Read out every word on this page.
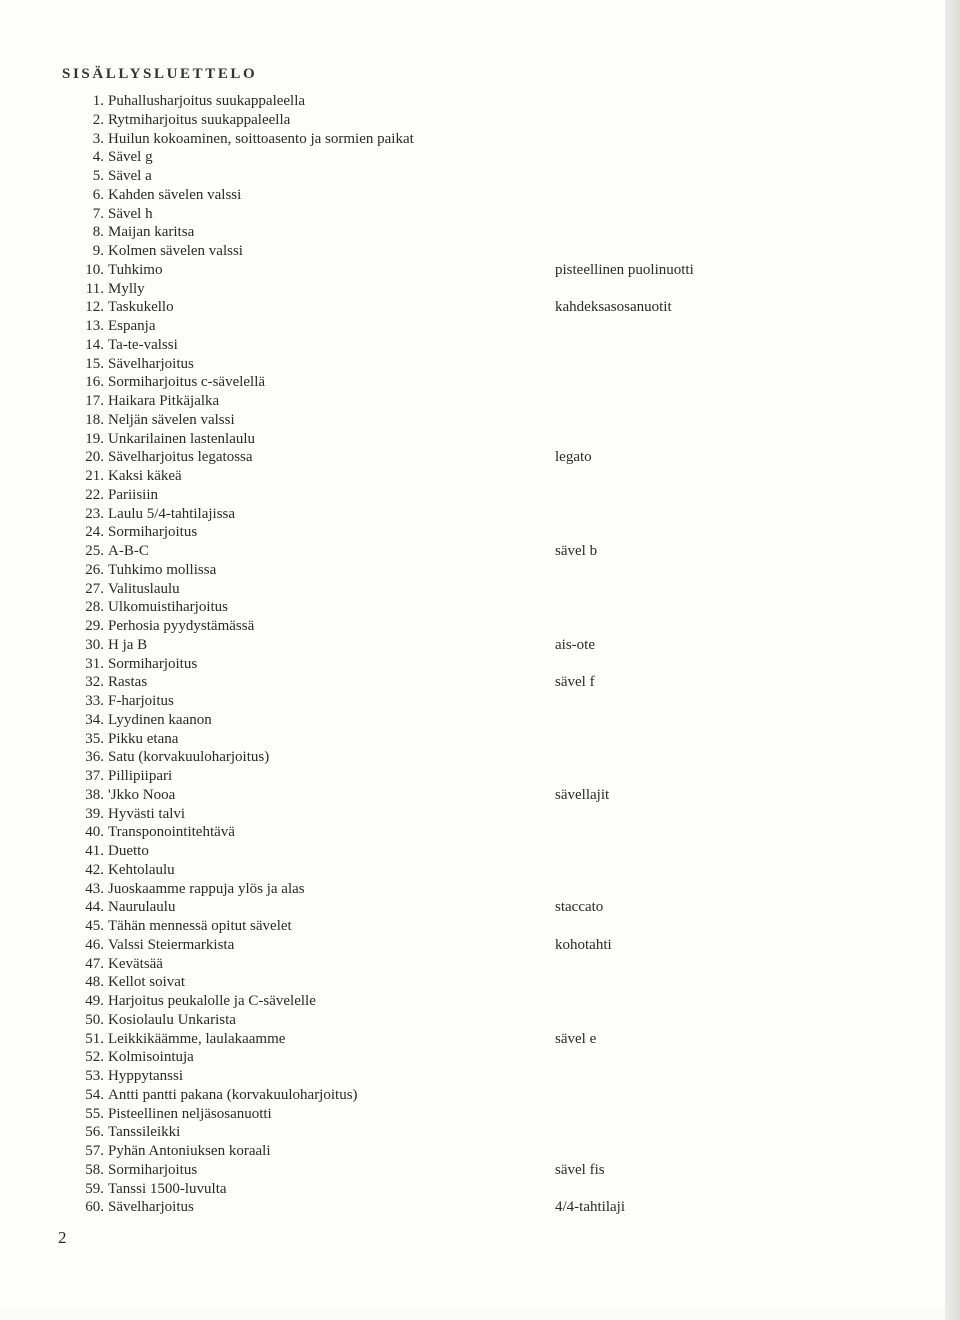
SISÄLLYSLUETTELO
1. Puhallusharjoitus suukappaleella
2. Rytmiharjoitus suukappaleella
3. Huilun kokoaminen, soittoasento ja sormien paikat
4. Sävel g
5. Sävel a
6. Kahden sävelen valssi
7. Sävel h
8. Maijan karitsa
9. Kolmen sävelen valssi
10. Tuhkimo
11. Mylly
12. Taskukello
13. Espanja
14. Ta-te-valssi
15. Sävelharjoitus
16. Sormiharjoitus c-sävelellä
17. Haikara Pitkäjalka
18. Neljän sävelen valssi
19. Unkarilainen lastenlaulu
20. Sävelharjoitus legatossa
21. Kaksi käkeä
22. Pariisiin
23. Laulu 5/4-tahtilajissa
24. Sormiharjoitus
25. A-B-C
26. Tuhkimo mollissa
27. Valituslaulu
28. Ulkomuistiharjoitus
29. Perhosia pyydystämässä
30. H ja B
31. Sormiharjoitus
32. Rastas
33. F-harjoitus
34. Lyydinen kaanon
35. Pikku etana
36. Satu (korvakuuloharjoitus)
37. Pillipiipari
38. 'Jkko Nooa
39. Hyvästi talvi
40. Transponointitehtävä
41. Duetto
42. Kehtolaulu
43. Juoskaamme rappuja ylös ja alas
44. Naurulaulu
45. Tähän mennessä opitut sävelet
46. Valssi Steiermarkista
47. Kevätsää
48. Kellot soivat
49. Harjoitus peukalolle ja C-sävelelle
50. Kosiolaulu Unkarista
51. Leikkikäämme, laulakaamme
52. Kolmisointuja
53. Hyppytanssi
54. Antti pantti pakana (korvakuuloharjoitus)
55. Pisteellinen neljäsosanuotti
56. Tanssileikki
57. Pyhän Antoniuksen koraali
58. Sormiharjoitus
59. Tanssi 1500-luvulta
60. Sävelharjoitus
pisteellinen puolinuotti
kahdeksasosanuotit
legato
sävel b
ais-ote
sävel f
sävellajit
staccato
kohotahti
sävel e
sävel fis
4/4-tahtilaji
2
